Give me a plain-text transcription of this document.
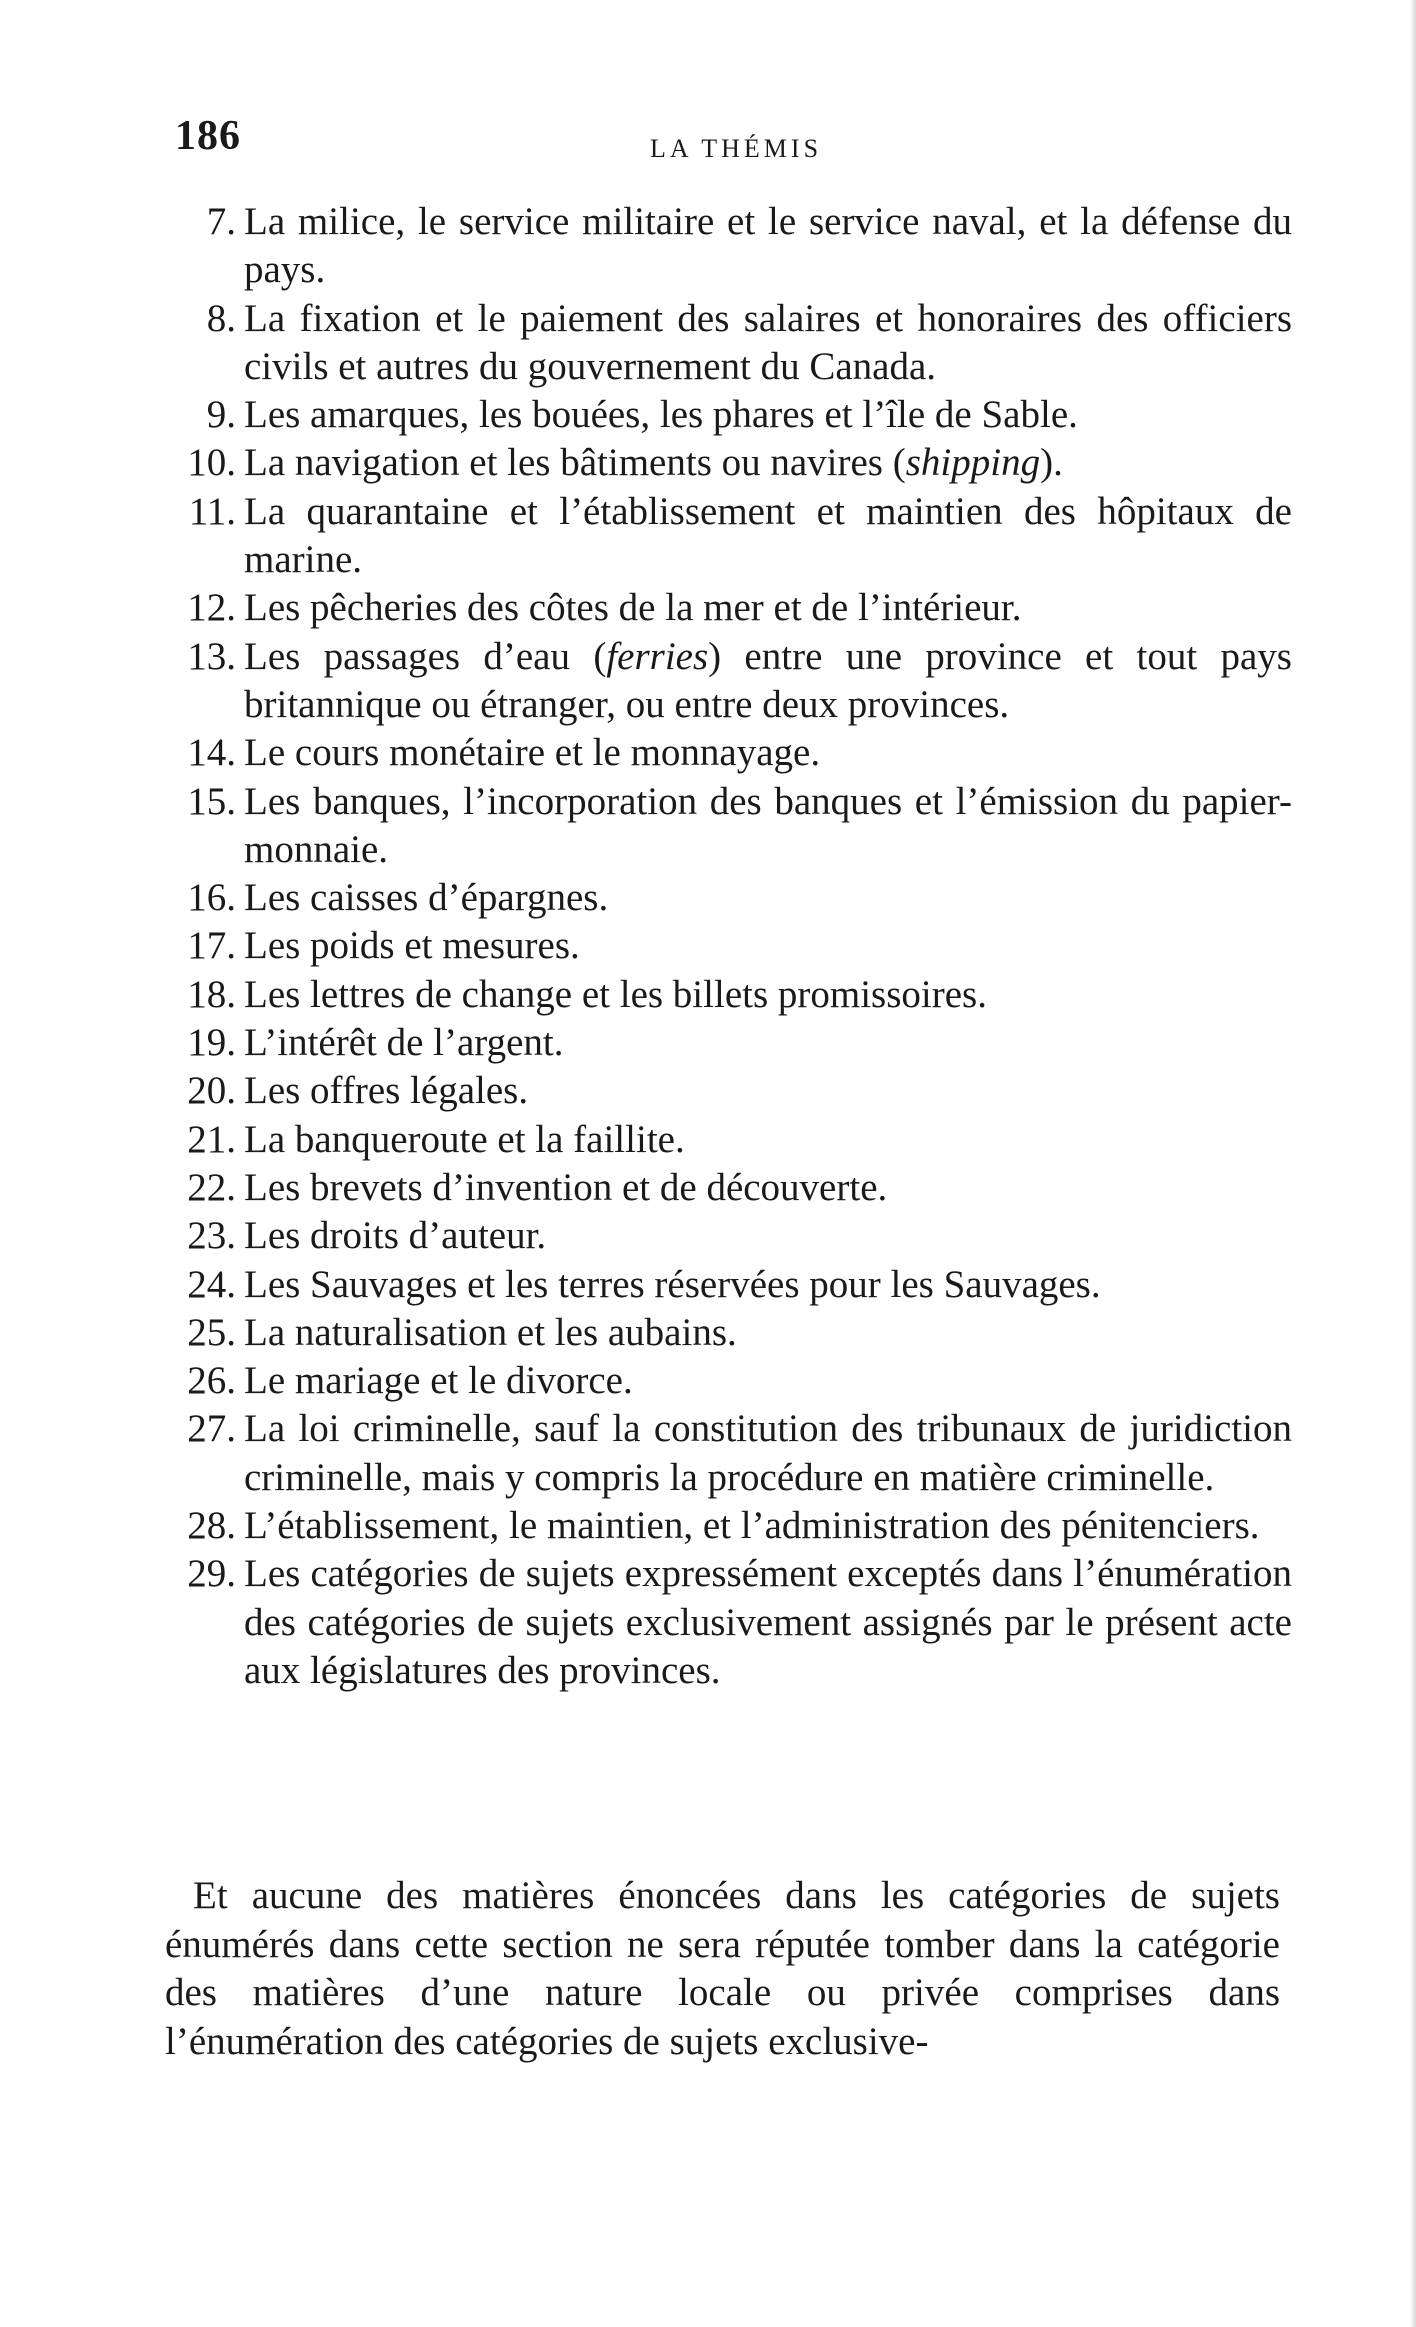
186	LA THÉMIS
7. La milice, le service militaire et le service naval, et la défense du pays.
8. La fixation et le paiement des salaires et honoraires des officiers civils et autres du gouvernement du Canada.
9. Les amarques, les bouées, les phares et l’île de Sable.
10. La navigation et les bâtiments ou navires (shipping).
11. La quarantaine et l’établissement et maintien des hôpitaux de marine.
12. Les pêcheries des côtes de la mer et de l’intérieur.
13. Les passages d’eau (ferries) entre une province et tout pays britannique ou étranger, ou entre deux provinces.
14. Le cours monétaire et le monnayage.
15. Les banques, l’incorporation des banques et l’émission du papier-monnaie.
16. Les caisses d’épargnes.
17. Les poids et mesures.
18. Les lettres de change et les billets promissoires.
19. L’intérêt de l’argent.
20. Les offres légales.
21. La banqueroute et la faillite.
22. Les brevets d’invention et de découverte.
23. Les droits d’auteur.
24. Les Sauvages et les terres réservées pour les Sauvages.
25. La naturalisation et les aubains.
26. Le mariage et le divorce.
27. La loi criminelle, sauf la constitution des tribunaux de juridiction criminelle, mais y compris la procédure en matière criminelle.
28. L’établissement, le maintien, et l’administration des pénitenciers.
29. Les catégories de sujets expressément exceptés dans l’énumération des catégories de sujets exclusivement assignés par le présent acte aux législatures des provinces.

Et aucune des matières énoncées dans les catégories de sujets énumérés dans cette section ne sera réputée tomber dans la catégorie des matières d’une nature locale ou privée comprises dans l’énumération des catégories de sujets exclusive-
